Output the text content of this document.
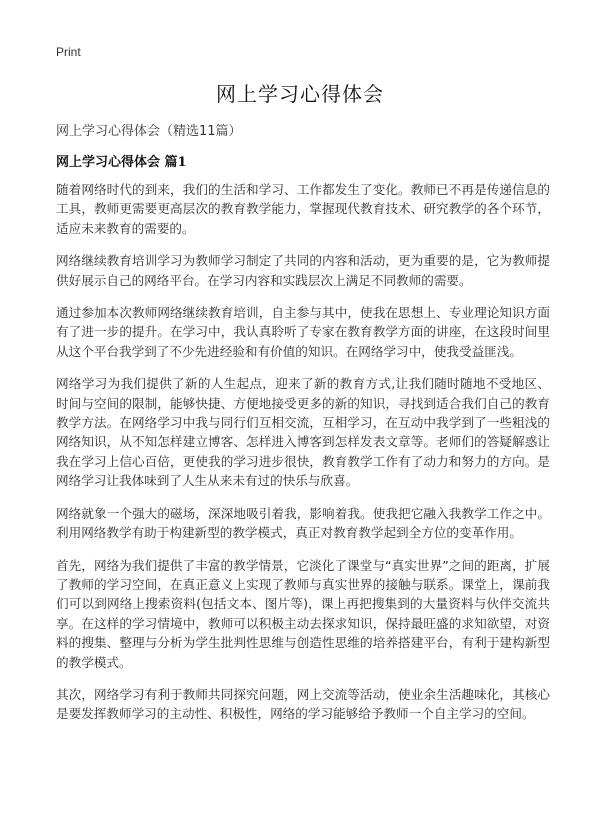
Print
网上学习心得体会
网上学习心得体会（精选11篇）
网上学习心得体会 篇1

随着网络时代的到来，我们的生活和学习、工作都发生了变化。教师已不再是传递信息的工具，教师更需要更高层次的教育教学能力，掌握现代教育技术、研究教学的各个环节，适应未来教育的需要的。

网络继续教育培训学习为教师学习制定了共同的内容和活动，更为重要的是，它为教师提供好展示自己的网络平台。在学习内容和实践层次上满足不同教师的需要。

通过参加本次教师网络继续教育培训，自主参与其中，使我在思想上、专业理论知识方面有了进一步的提升。在学习中，我认真聆听了专家在教育教学方面的讲座，在这段时间里 从这个平台我学到了不少先进经验和有价值的知识。在网络学习中，使我受益匪浅。

网络学习为我们提供了新的人生起点，迎来了新的教育方式,让我们随时随地不受地区、时间与空间的限制，能够快捷、方便地接受更多的新的知识，寻找到适合我们自己的教育教学方法。在网络学习中我与同行们互相交流，互相学习，在互动中我学到了一些粗浅的网络知识，从不知怎样建立博客、怎样进入博客到怎样发表文章等。老师们的答疑解惑让我在学习上信心百倍，更使我的学习进步很快，教育教学工作有了动力和努力的方向。是网络学习让我体味到了人生从来未有过的快乐与欣喜。

网络就象一个强大的磁场，深深地吸引着我，影响着我。使我把它融入我教学工作之中。利用网络教学有助于构建新型的教学模式，真正对教育教学起到全方位的变革作用。

首先，网络为我们提供了丰富的教学情景，它淡化了课堂与“真实世界”之间的距离，扩展了教师的学习空间，在真正意义上实现了教师与真实世界的接触与联系。课堂上，课前我们可以到网络上搜索资料(包括文本、图片等)，课上再把搜集到的大量资料与伙伴交流共享。在这样的学习情境中，教师可以积极主动去探求知识，保持最旺盛的求知欲望，对资料的搜集、整理与分析为学生批判性思维与创造性思维的培养搭建平台，有利于建构新型的教学模式。

其次，网络学习有利于教师共同探究问题，网上交流等活动，使业余生活趣味化，其核心是要发挥教师学习的主动性、积极性，网络的学习能够给予教师一个自主学习的空间。
